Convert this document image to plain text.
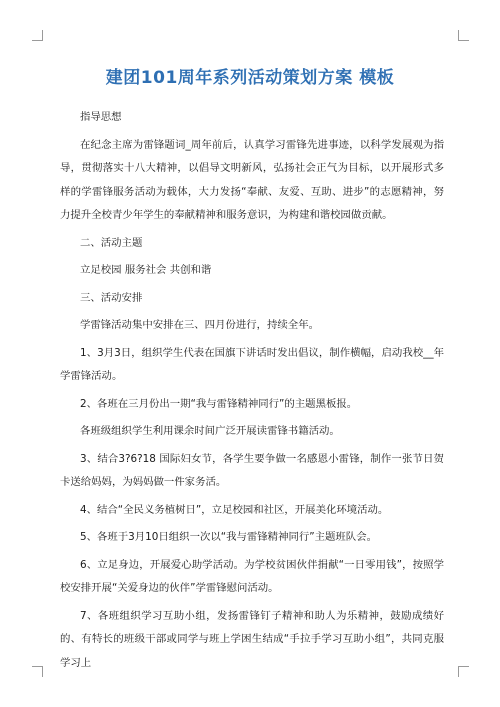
建团101周年系列活动策划方案 模板

指导思想

在纪念主席为雷锋题词_周年前后，认真学习雷锋先进事迹，以科学发展观为指导，贯彻落实十八大精神，以倡导文明新风，弘扬社会正气为目标，以开展形式多样的学雷锋服务活动为载体，大力发扬“奉献、友爱、互助、进步”的志愿精神，努力提升全校青少年学生的奉献精神和服务意识，为构建和谐校园做贡献。

二、活动主题

立足校园 服务社会 共创和谐

三、活动安排

学雷锋活动集中安排在三、四月份进行，持续全年。

1、3月3日，组织学生代表在国旗下讲话时发出倡议，制作横幅，启动我校__年学雷锋活动。

2、各班在三月份出一期“我与雷锋精神同行”的主题黑板报。

各班级组织学生利用课余时间广泛开展读雷锋书籍活动。

3、结合3?6?18 国际妇女节，各学生要争做一名感恩小雷锋，制作一张节日贺卡送给妈妈，为妈妈做一件家务活。

4、结合“全民义务植树日”，立足校园和社区，开展美化环境活动。

5、各班于3月10日组织一次以“我与雷锋精神同行”主题班队会。

6、立足身边，开展爱心助学活动。为学校贫困伙伴捐献“一日零用钱”，按照学校安排开展“关爱身边的伙伴”学雷锋慰问活动。

7、各班组织学习互助小组，发扬雷锋钉子精神和助人为乐精神，鼓励成绩好的、有特长的班级干部或同学与班上学困生结成“手拉手学习互助小组”，共同克服学习上
